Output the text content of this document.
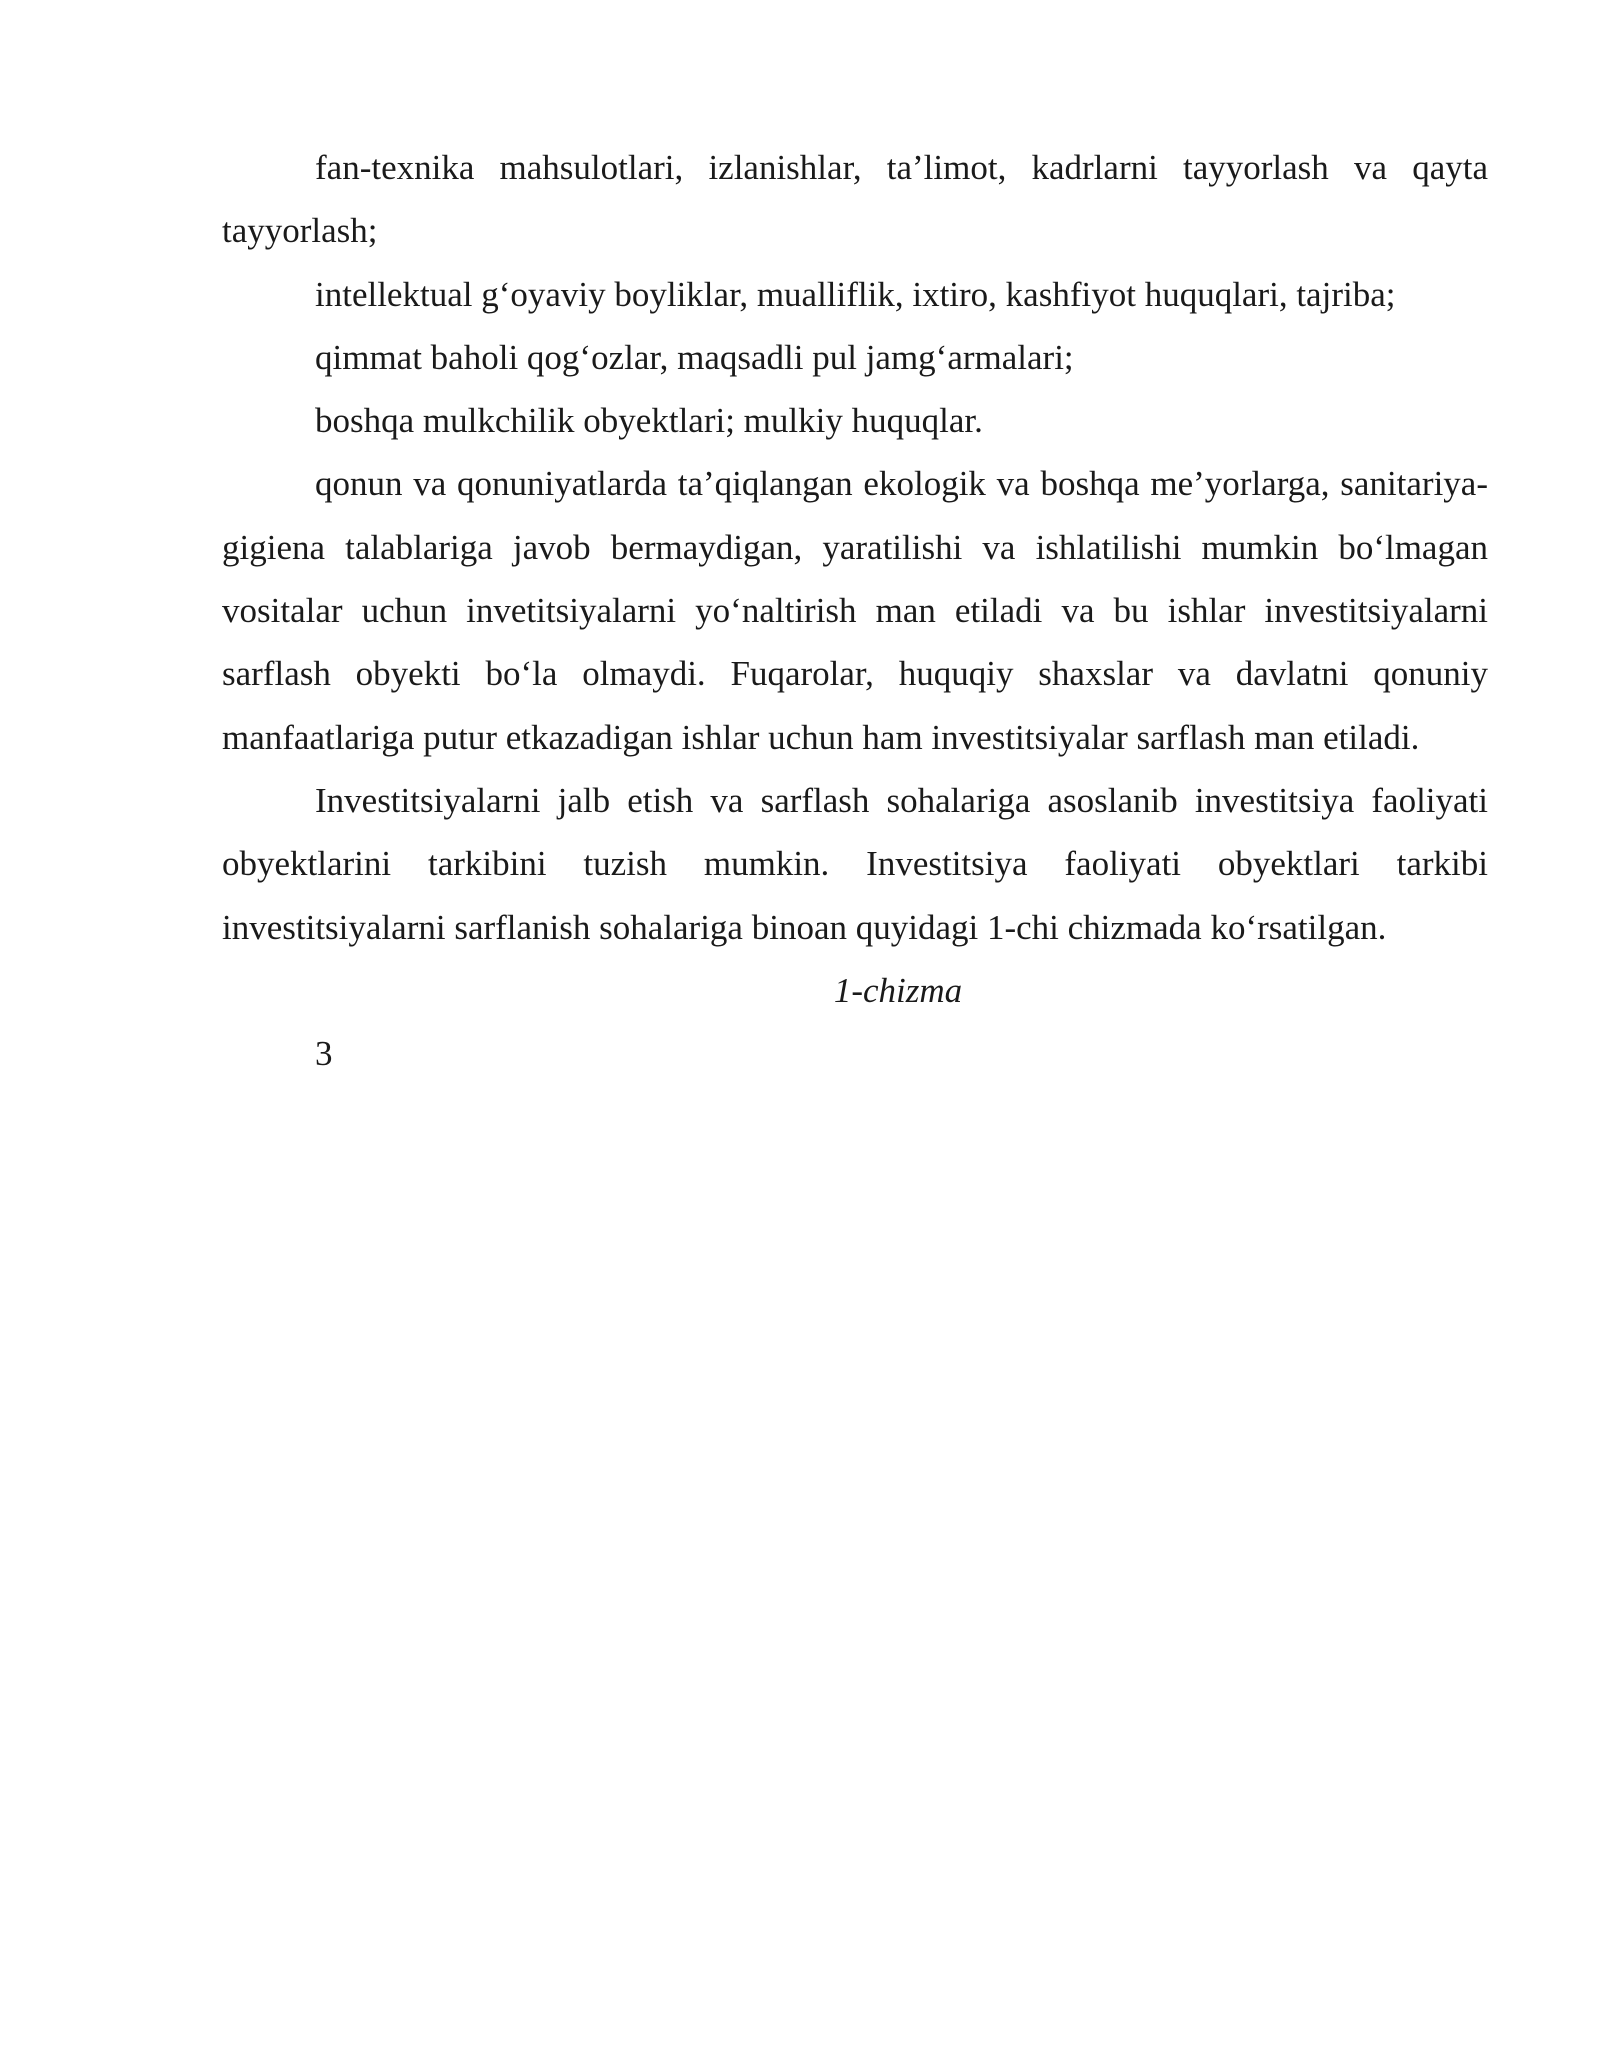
fan-texnika mahsulotlari, izlanishlar, ta’limot, kadrlarni tayyorlash va qayta tayyorlash;

intellektual g‘oyaviy boyliklar, mualliflik, ixtiro, kashfiyot huquqlari, tajriba;

qimmat baholi qog‘ozlar, maqsadli pul jamg‘armalari;

boshqa mulkchilik obyektlari; mulkiy huquqlar.

qonun va qonuniyatlarda ta’qiqlangan ekologik va boshqa me’yorlarga, sanitariya-gigiena talablariga javob bermaydigan, yaratilishi va ishlatilishi mumkin bo‘lmagan vositalar uchun invetitsiyalarni yo‘naltirish man etiladi va bu ishlar investitsiyalarni sarflash obyekti bo‘la olmaydi. Fuqarolar, huquqiy shaxslar va davlatni qonuniy manfaatlariga putur etkazadigan ishlar uchun ham investitsiyalar sarflash man etiladi.

Investitsiyalarni jalb etish va sarflash sohalariga asoslanib investitsiya faoliyati obyektlarini tarkibini tuzish mumkin. Investitsiya faoliyati obyektlari tarkibi investitsiyalarni sarflanish sohalariga binoan quyidagi 1-chi chizmada ko‘rsatilgan.

1-chizma

3
